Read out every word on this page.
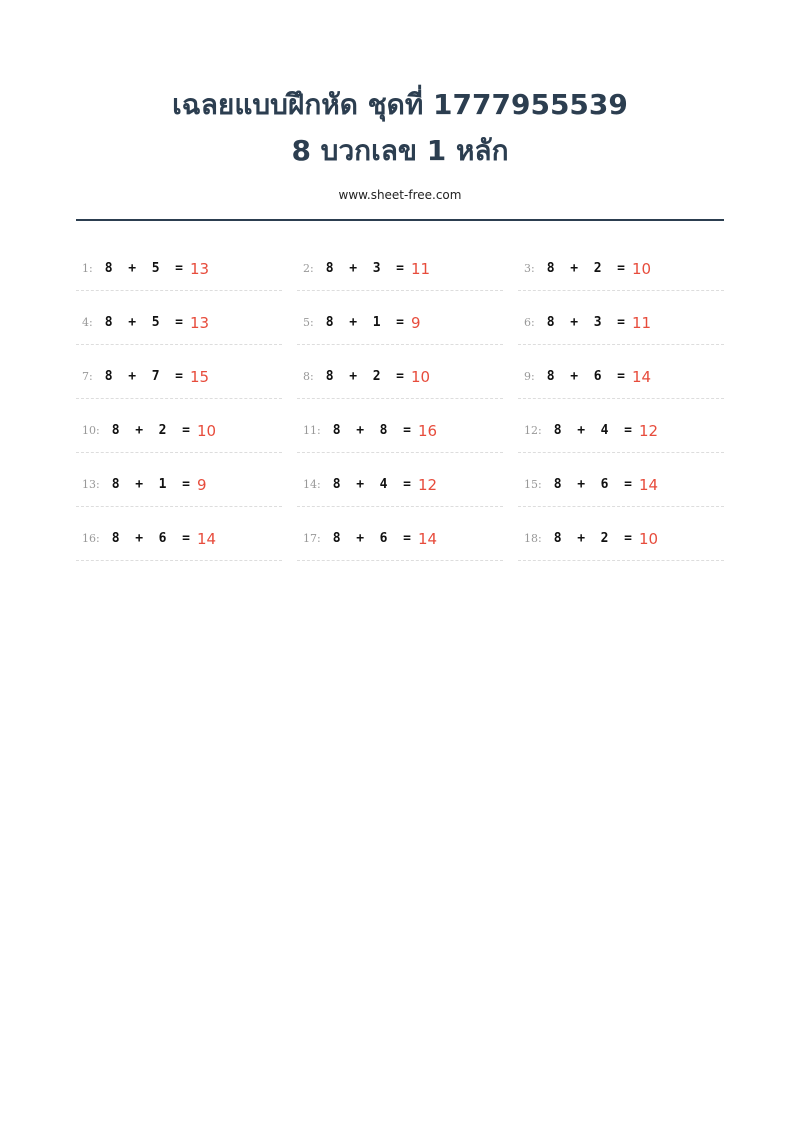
เฉลยแบบฝึกหัด ชุดที่ 1777955539
8 บวกเลข 1 หลัก
www.sheet-free.com
1: 8 + 5 = 13	2: 8 + 3 = 11	3: 8 + 2 = 10
4: 8 + 5 = 13	5: 8 + 1 = 9	6: 8 + 3 = 11
7: 8 + 7 = 15	8: 8 + 2 = 10	9: 8 + 6 = 14
10: 8 + 2 = 10	11: 8 + 8 = 16	12: 8 + 4 = 12
13: 8 + 1 = 9	14: 8 + 4 = 12	15: 8 + 6 = 14
16: 8 + 6 = 14	17: 8 + 6 = 14	18: 8 + 2 = 10
